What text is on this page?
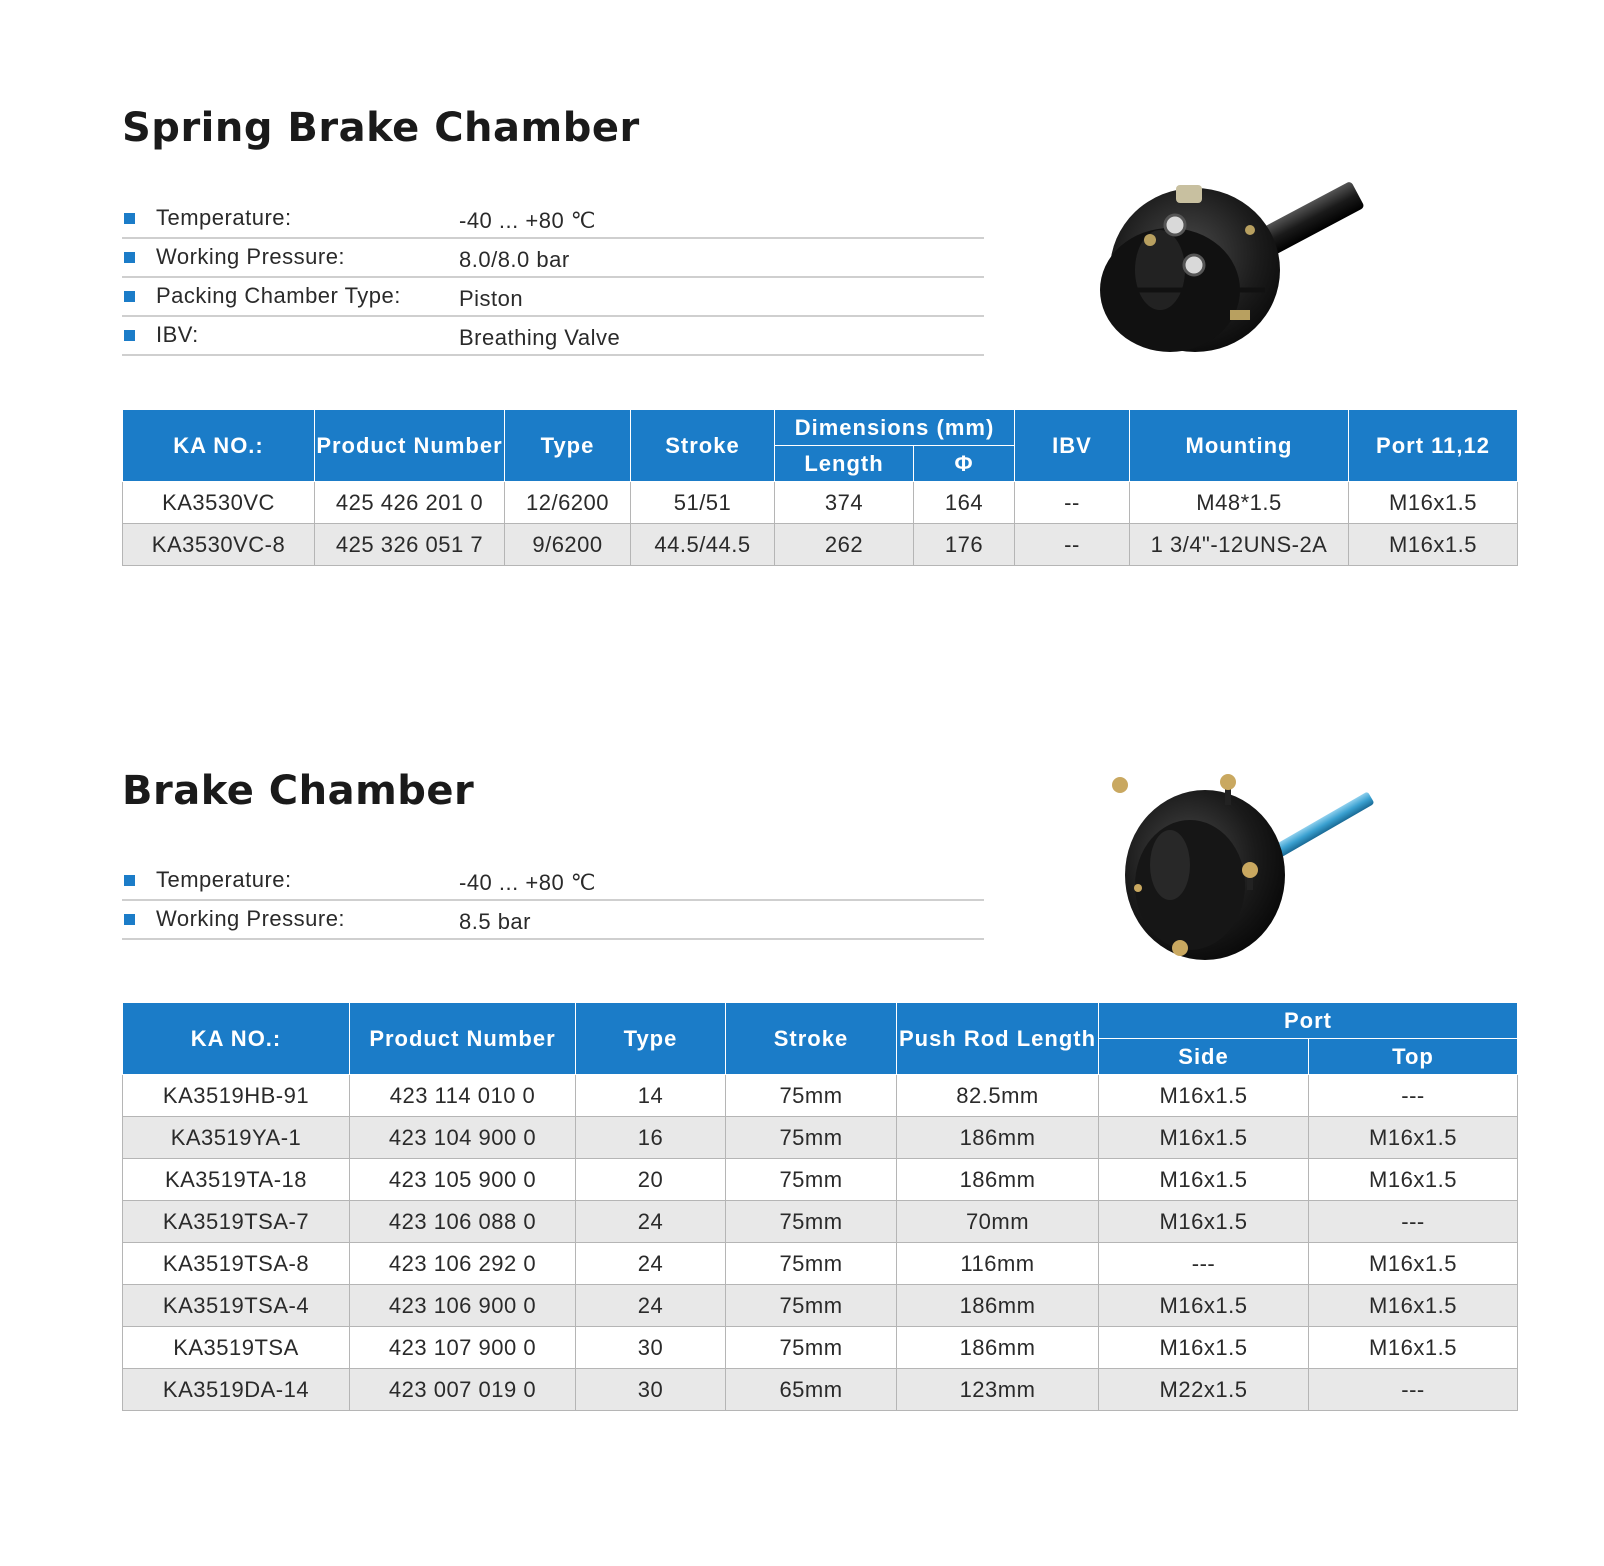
Spring Brake Chamber
Temperature:	-40 ... +80 ℃
Working Pressure:	8.0/8.0 bar
Packing Chamber Type:	Piston
IBV:	Breathing Valve
KA NO.:	Product Number	Type	Stroke	Dimensions (mm)		IBV	Mounting	Port 11,12
				Length	Φ			
KA3530VC	425 426 201 0	12/6200	51/51	374	164	--	M48*1.5	M16x1.5
KA3530VC-8	425 326 051 7	9/6200	44.5/44.5	262	176	--	1 3/4"-12UNS-2A	M16x1.5
Brake Chamber
Temperature:	-40 ... +80 ℃
Working Pressure:	8.5 bar
KA NO.:	Product Number	Type	Stroke	Push Rod Length	Port	
					Side	Top
KA3519HB-91	423 114 010 0	14	75mm	82.5mm	M16x1.5	---
KA3519YA-1	423 104 900 0	16	75mm	186mm	M16x1.5	M16x1.5
KA3519TA-18	423 105 900 0	20	75mm	186mm	M16x1.5	M16x1.5
KA3519TSA-7	423 106 088 0	24	75mm	70mm	M16x1.5	---
KA3519TSA-8	423 106 292 0	24	75mm	116mm	---	M16x1.5
KA3519TSA-4	423 106 900 0	24	75mm	186mm	M16x1.5	M16x1.5
KA3519TSA	423 107 900 0	30	75mm	186mm	M16x1.5	M16x1.5
KA3519DA-14	423 007 019 0	30	65mm	123mm	M22x1.5	---
